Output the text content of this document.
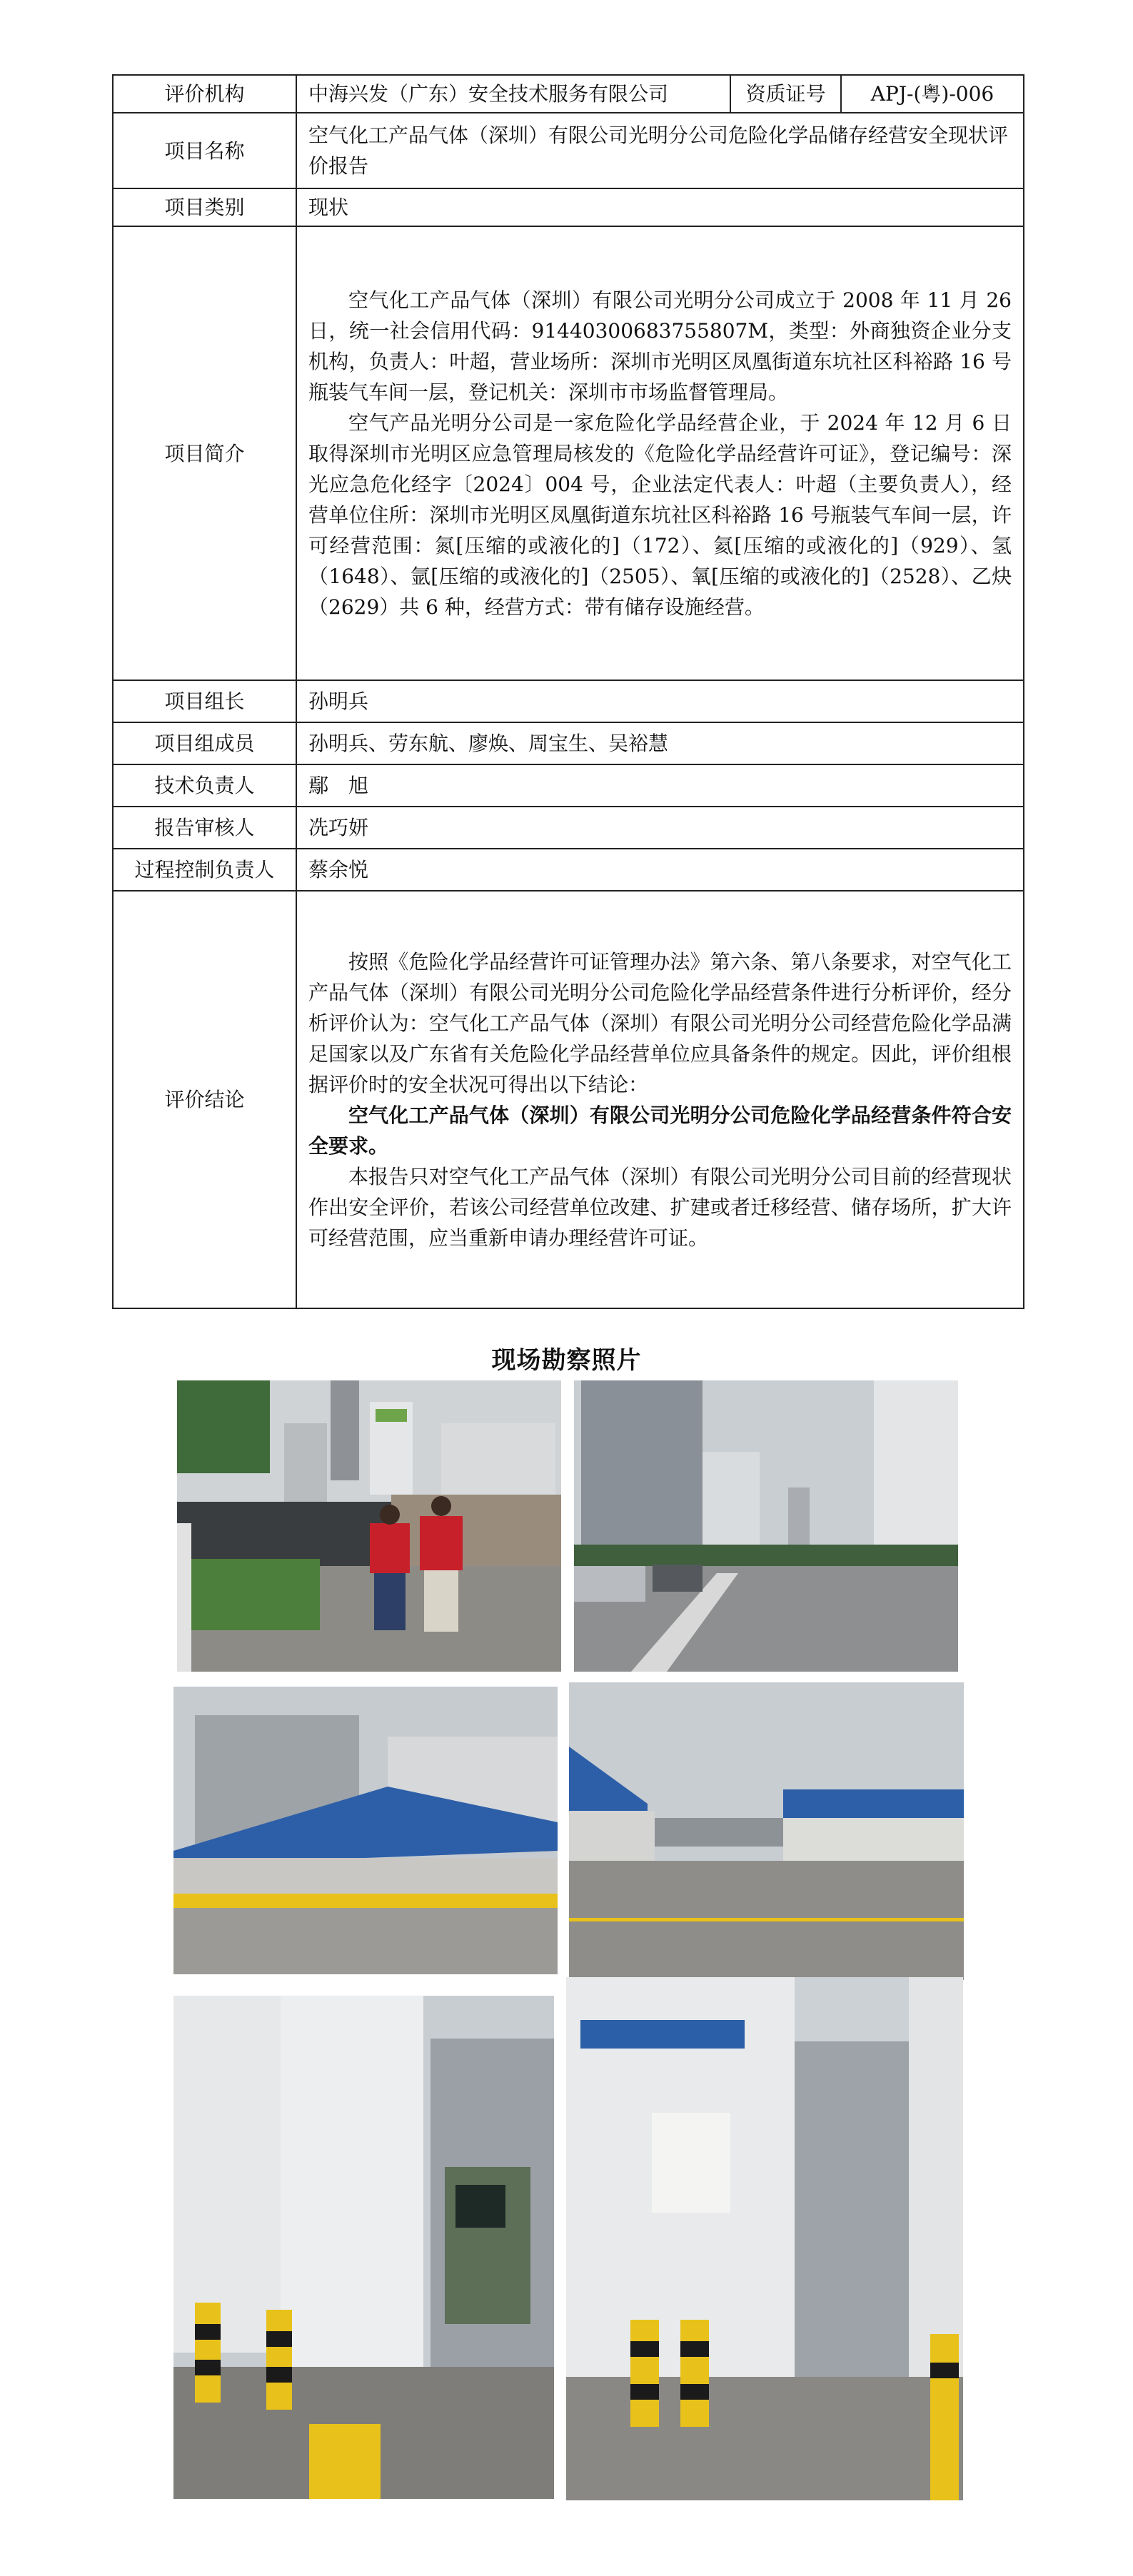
评价机构	中海兴发（广东）安全技术服务有限公司	资质证号	APJ-(粤)-006
项目名称	空气化工产品气体（深圳）有限公司光明分公司危险化学品储存经营安全现状评价报告		
项目类别	现状		
项目简介	空气化工产品气体（深圳）有限公司光明分公司成立于 2008 年 11 月 26 日，统一社会信用代码：91440300683755807M，类型：外商独资企业分支机构，负责人：叶超，营业场所：深圳市光明区凤凰街道东坑社区科裕路 16 号瓶装气车间一层，登记机关：深圳市市场监督管理局。

空气产品光明分公司是一家危险化学品经营企业，于 2024 年 12 月 6 日取得深圳市光明区应急管理局核发的《危险化学品经营许可证》，登记编号：深光应急危化经字〔2024〕004 号，企业法定代表人：叶超（主要负责人），经营单位住所：深圳市光明区凤凰街道东坑社区科裕路 16 号瓶装气车间一层，许可经营范围：氮[压缩的或液化的]（172）、氦[压缩的或液化的]（929）、氢（1648）、氩[压缩的或液化的]（2505）、氧[压缩的或液化的]（2528）、乙炔（2629）共 6 种，经营方式：带有储存设施经营。		

项目组长	孙明兵		
项目组成员	孙明兵、劳东航、廖焕、周宝生、吴裕慧		
技术负责人	鄢　旭		
报告审核人	冼巧妍		
过程控制负责人	蔡余悦		
评价结论	按照《危险化学品经营许可证管理办法》第六条、第八条要求，对空气化工产品气体（深圳）有限公司光明分公司危险化学品经营条件进行分析评价，经分析评价认为：空气化工产品气体（深圳）有限公司光明分公司经营危险化学品满足国家以及广东省有关危险化学品经营单位应具备条件的规定。因此，评价组根据评价时的安全状况可得出以下结论：

空气化工产品气体（深圳）有限公司光明分公司危险化学品经营条件符合安全要求。

本报告只对空气化工产品气体（深圳）有限公司光明分公司目前的经营现状作出安全评价，若该公司经营单位改建、扩建或者迁移经营、储存场所，扩大许可经营范围，应当重新申请办理经营许可证。		

现场勘察照片
